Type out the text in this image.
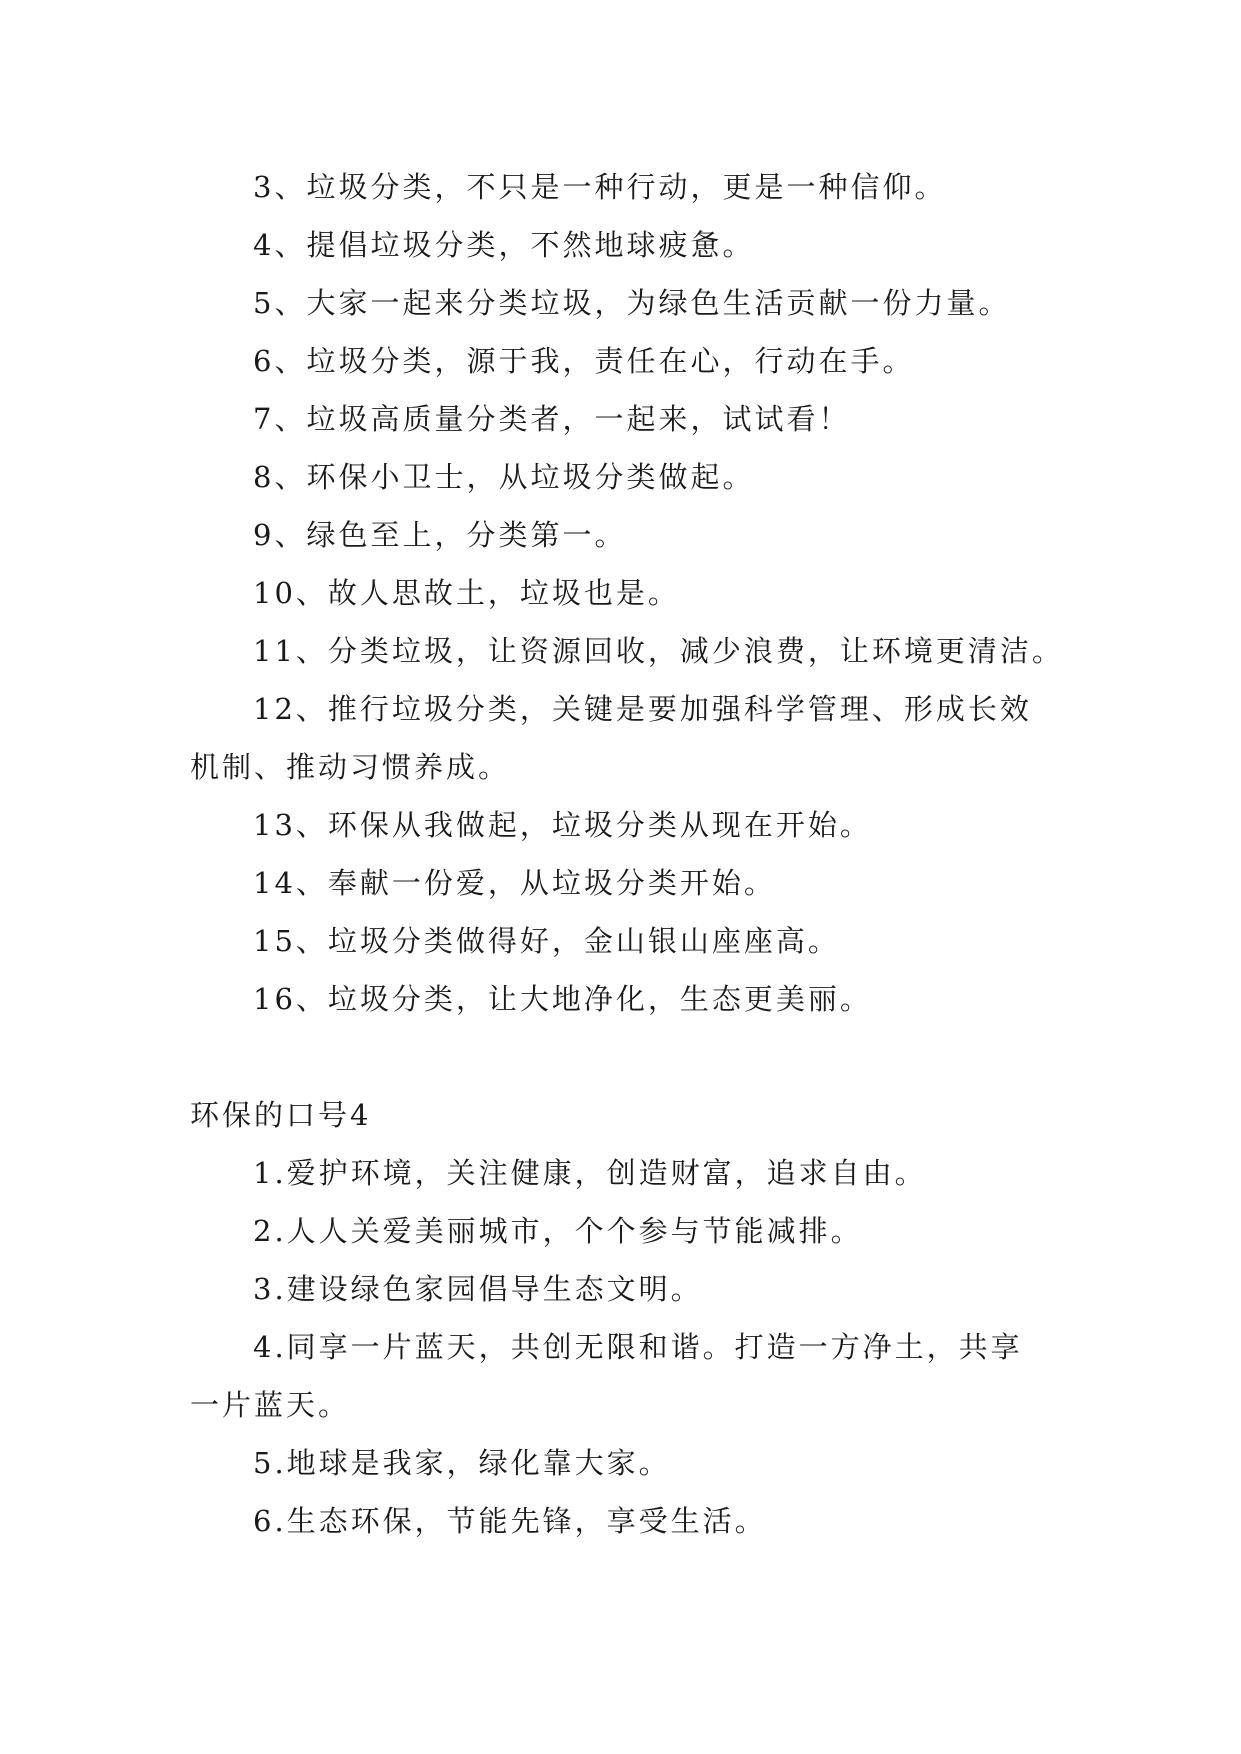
3、垃圾分类，不只是一种行动，更是一种信仰。
4、提倡垃圾分类，不然地球疲惫。
5、大家一起来分类垃圾，为绿色生活贡献一份力量。
6、垃圾分类，源于我，责任在心，行动在手。
7、垃圾高质量分类者，一起来，试试看！
8、环保小卫士，从垃圾分类做起。
9、绿色至上，分类第一。
10、故人思故土，垃圾也是。
11、分类垃圾，让资源回收，减少浪费，让环境更清洁。
12、推行垃圾分类，关键是要加强科学管理、形成长效
机制、推动习惯养成。
13、环保从我做起，垃圾分类从现在开始。
14、奉献一份爱，从垃圾分类开始。
15、垃圾分类做得好，金山银山座座高。
16、垃圾分类，让大地净化，生态更美丽。
环保的口号4
1.爱护环境，关注健康，创造财富，追求自由。
2.人人关爱美丽城市，个个参与节能减排。
3.建设绿色家园倡导生态文明。
4.同享一片蓝天，共创无限和谐。打造一方净土，共享
一片蓝天。
5.地球是我家，绿化靠大家。
6.生态环保，节能先锋，享受生活。
